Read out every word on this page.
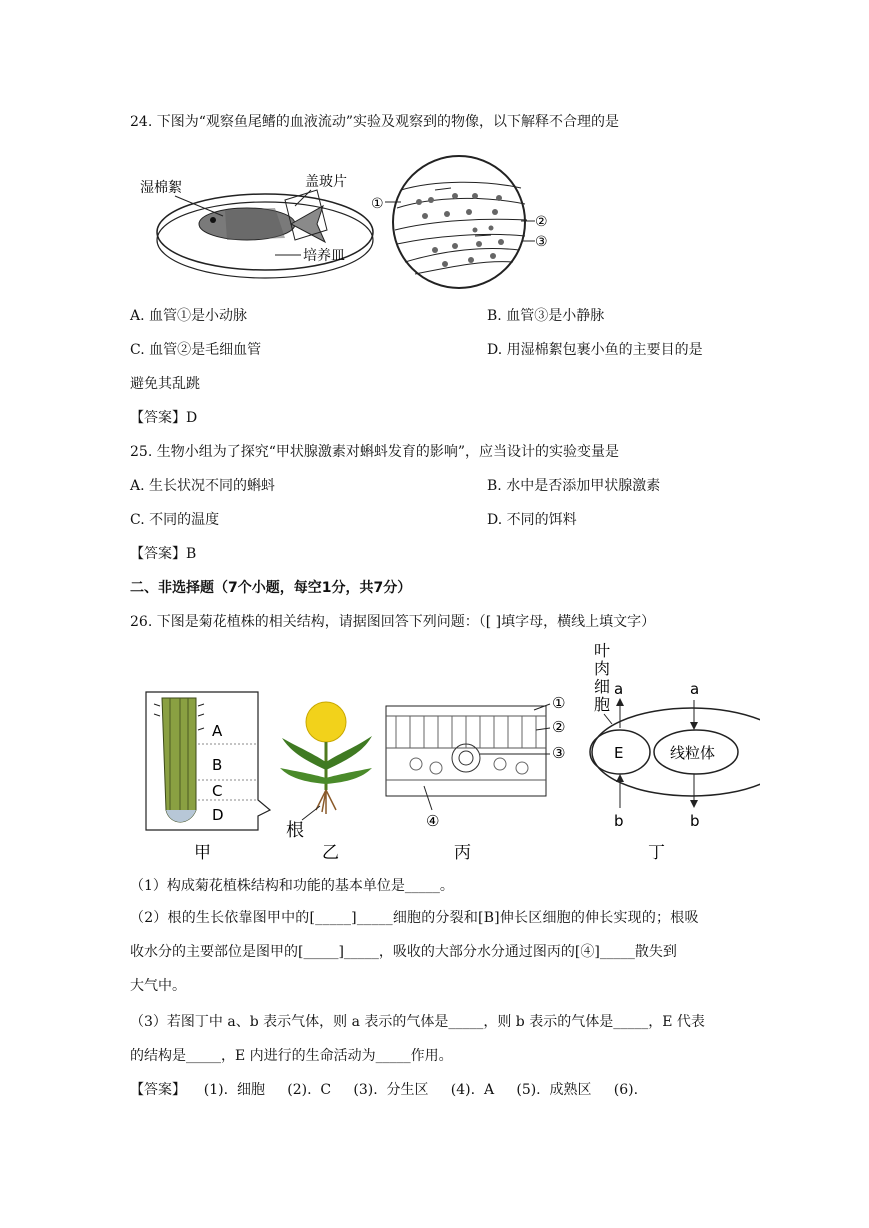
24. 下图为“观察鱼尾鳍的血液流动”实验及观察到的物像，以下解释不合理的是
湿棉絮	盖玻片
培养皿
①
②
③
A. 血管①是小动脉	B. 血管③是小静脉
C. 血管②是毛细血管	D. 用湿棉絮包裹小鱼的主要目的是
避免其乱跳
【答案】D
25. 生物小组为了探究“甲状腺激素对蝌蚪发育的影响”，应当设计的实验变量是
A. 生长状况不同的蝌蚪	B. 水中是否添加甲状腺激素
C. 不同的温度	D. 不同的饵料
【答案】B
二、非选择题（7个小题，每空1分，共7分）
26. 下图是菊花植株的相关结构，请据图回答下列问题：（[ ]填字母，横线上填文字）
A
B
C
D
甲
根
乙
①
②
③
④
丙
叶
肉
细
胞
E	线粒体
a	a
b	b
丁
（1）构成菊花植株结构和功能的基本单位是_____。
（2）根的生长依靠图甲中的[_____]_____细胞的分裂和[B]伸长区细胞的伸长实现的；根吸
收水分的主要部位是图甲的[_____]_____，吸收的大部分水分通过图丙的[④]_____散失到
大气中。
（3）若图丁中 a、b 表示气体，则 a 表示的气体是_____，则 b 表示的气体是_____，E 代表
的结构是_____，E 内进行的生命活动为_____作用。
【答案】    (1).  细胞     (2).  C     (3).  分生区     (4).  A     (5).  成熟区     (6).
